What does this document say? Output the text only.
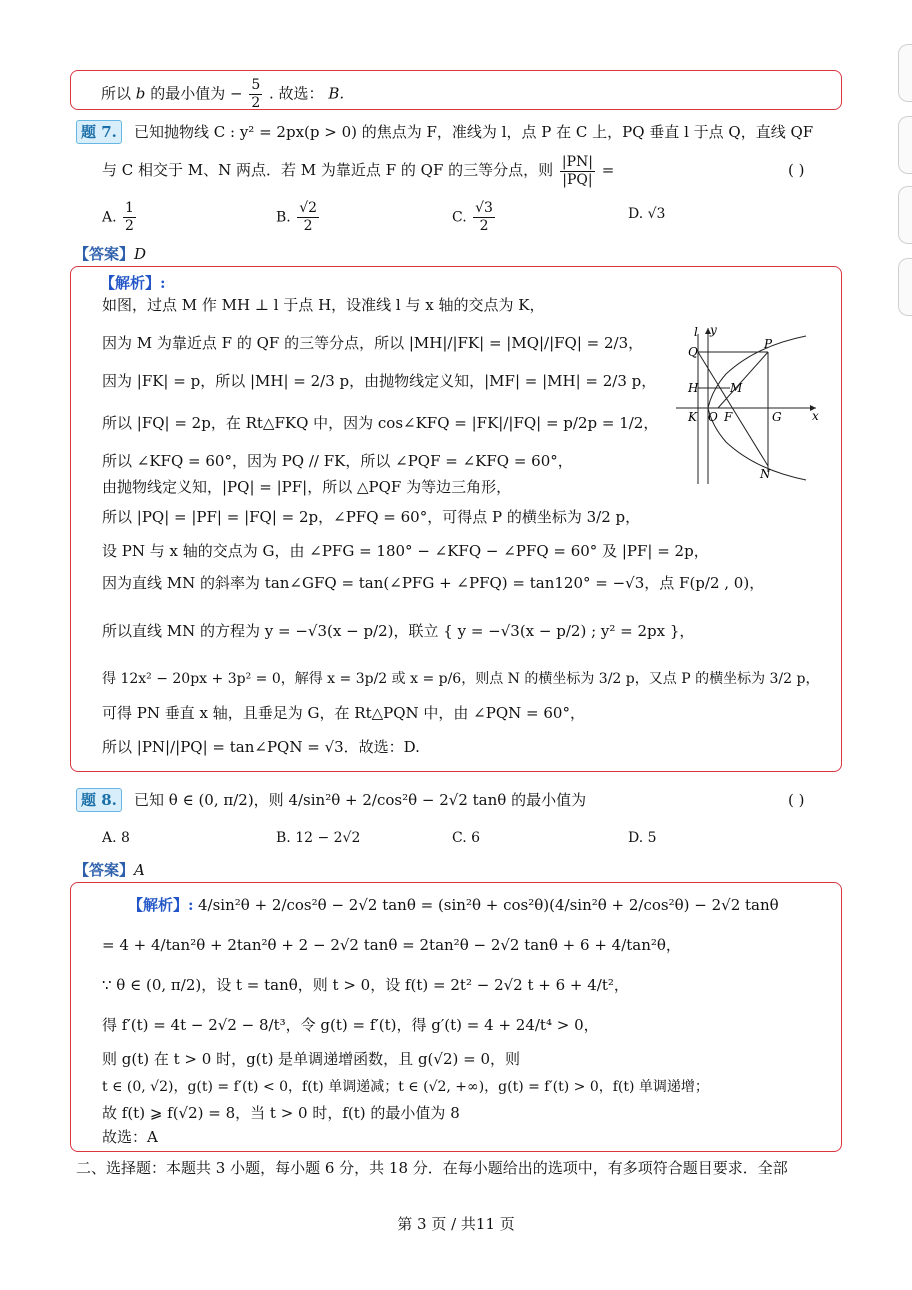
所以 b 的最小值为 − $\frac{5}{2}$ . 故选： B.
题 7.	已知抛物线 C : y² = 2px(p > 0) 的焦点为 F，准线为 l，点 P 在 C 上，PQ 垂直 l 于点 Q，直线 QF
与 C 相交于 M、N 两点．若 M 为靠近点 F 的 QF 的三等分点，则 $\frac{|PN|}{|PQ|}$ =	( )
A. $\frac{1}{2}$	B. $\frac{√2}{2}$	C. $\frac{√3}{2}$	D. √3
【答案】D
【解析】:
如图，过点 M 作 MH ⊥ l 于点 H，设准线 l 与 x 轴的交点为 K，
因为 M 为靠近点 F 的 QF 的三等分点，所以 |MH|/|FK| = |MQ|/|FQ| = 2/3，
因为 |FK| = p，所以 |MH| = 2/3 p，由抛物线定义知，|MF| = |MH| = 2/3 p，
所以 |FQ| = 2p，在 Rt△FKQ 中，因为 cos∠KFQ = |FK|/|FQ| = p/2p = 1/2，
所以 ∠KFQ = 60°，因为 PQ // FK，所以 ∠PQF = ∠KFQ = 60°，
由抛物线定义知，|PQ| = |PF|，所以 △PQF 为等边三角形，
所以 |PQ| = |PF| = |FQ| = 2p，∠PFQ = 60°，可得点 P 的横坐标为 3/2 p，
设 PN 与 x 轴的交点为 G，由 ∠PFG = 180° − ∠KFQ − ∠PFQ = 60° 及 |PF| = 2p，
因为直线 MN 的斜率为 tan∠GFQ = tan(∠PFG + ∠PFQ) = tan120° = −√3，点 F(p/2 , 0)，
所以直线 MN 的方程为 y = −√3(x − p/2)，联立 { y = −√3(x − p/2) ; y² = 2px }，
得 12x² − 20px + 3p² = 0，解得 x = 3p/2 或 x = p/6，则点 N 的横坐标为 3/2 p，又点 P 的横坐标为 3/2 p，
可得 PN 垂直 x 轴，且垂足为 G，在 Rt△PQN 中，由 ∠PQN = 60°，
所以 |PN|/|PQ| = tan∠PQN = √3．故选：D.
l y
Q
P
H	M
K O F	G	x
N
题 8.	已知 θ ∈ (0, π/2)，则 4/sin²θ + 2/cos²θ − 2√2 tanθ 的最小值为	( )
A. 8	B. 12 − 2√2	C. 6	D. 5
【答案】A
【解析】: 4/sin²θ + 2/cos²θ − 2√2 tanθ = (sin²θ + cos²θ)(4/sin²θ + 2/cos²θ) − 2√2 tanθ
= 4 + 4/tan²θ + 2tan²θ + 2 − 2√2 tanθ = 2tan²θ − 2√2 tanθ + 6 + 4/tan²θ，
∵ θ ∈ (0, π/2)，设 t = tanθ，则 t > 0，设 f(t) = 2t² − 2√2 t + 6 + 4/t²，
得 f′(t) = 4t − 2√2 − 8/t³，令 g(t) = f′(t)，得 g′(t) = 4 + 24/t⁴ > 0，
则 g(t) 在 t > 0 时，g(t) 是单调递增函数，且 g(√2) = 0，则
t ∈ (0, √2)，g(t) = f′(t) < 0，f(t) 单调递减；t ∈ (√2, +∞)，g(t) = f′(t) > 0，f(t) 单调递增；
故 f(t) ⩾ f(√2) = 8，当 t > 0 时，f(t) 的最小值为 8
故选：A
二、选择题：本题共 3 小题，每小题 6 分，共 18 分．在每小题给出的选项中，有多项符合题目要求．全部
第 3 页 / 共11 页
